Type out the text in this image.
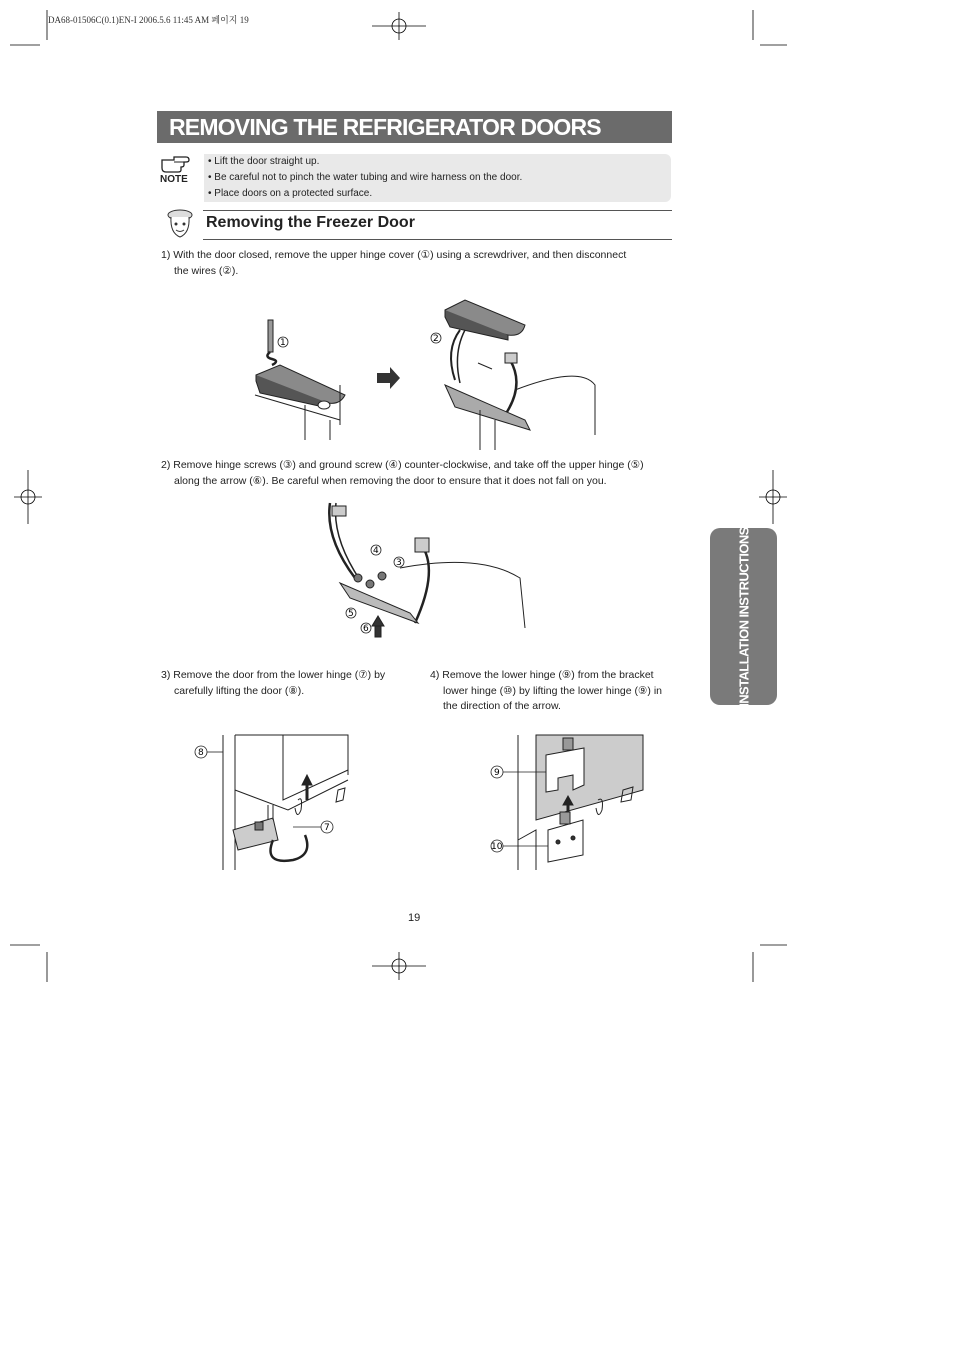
DA68-01506C(0.1)EN-I 2006.5.6 11:45 AM 페이지 19
REMOVING THE REFRIGERATOR DOORS
NOTE
• Lift the door straight up.
• Be careful not to pinch the water tubing and wire harness on the door.
• Place doors on a protected surface.
Removing the Freezer Door
1) With the door closed, remove the upper hinge cover (①) using a screwdriver, and then disconnect
the wires (②).
1	2
2) Remove hinge screws (③) and ground screw (④) counter-clockwise, and take off the upper hinge (⑤)
along the arrow (⑥). Be careful when removing the door to ensure that it does not fall on you.
4
3
5
6
3) Remove the door from the lower hinge (⑦) by
carefully lifting the door (⑧).
4) Remove the lower hinge (⑨) from the bracket
lower hinge (⑩) by lifting the lower hinge (⑨) in
the direction of the arrow.
8
7
9
10
INSTALLATION INSTRUCTIONS
19
